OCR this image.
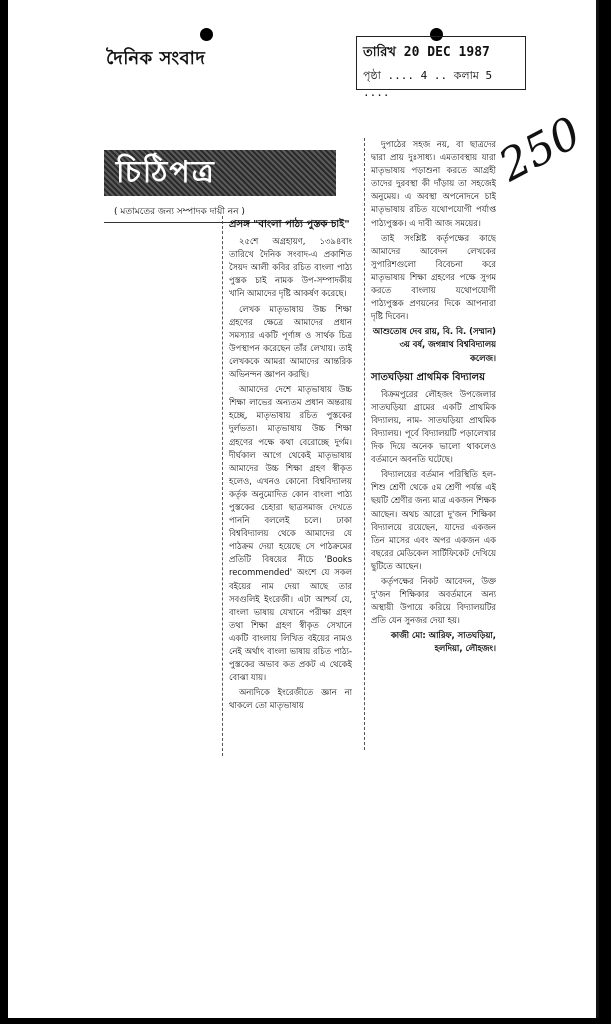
দৈনিক সংবাদ	তারিখ 20 DEC 1987
পৃষ্ঠা .... 4 .. কলাম 5 ....
250
চিঠিপত্র
( মতামতের জন্য সম্পাদক দায়ী নন )
প্রসঙ্গ "বাংলা পাঠ্য পুস্তক চাই"

২৫শে অগ্রহায়ণ, ১৩৯৪বাং তারিখে দৈনিক সংবাদ-এ প্রকাশিত সৈয়দ আলী কবির রচিত বাংলা পাঠ্য পুস্তক চাই নামক উপ-সম্পাদকীয় খানি আমাদের দৃষ্টি আকর্ষণ করেছে।

লেখক মাতৃভাষায় উচ্চ শিক্ষা গ্রহণের ক্ষেত্রে আমাদের প্রধান সমস্যার একটি পূর্ণাঙ্গ ও সার্থক চিত্র উপস্থাপন করেছেন তাঁর লেখায়। তাই লেখককে আমরা আমাদের আন্তরিক অভিনন্দন জ্ঞাপন করছি।

আমাদের দেশে মাতৃভাষায় উচ্চ শিক্ষা লাভের অন্যতম প্রধান অন্তরায় হচ্ছে, মাতৃভাষায় রচিত পুস্তকের দুর্লভতা। মাতৃভাষায় উচ্চ শিক্ষা গ্রহণের পক্ষে কথা বেরোচ্ছে দুর্গম। দীর্ঘকাল আগে থেকেই মাতৃভাষায় আমাদের উচ্চ শিক্ষা গ্রহণ স্বীকৃত হলেও, এখনও কোনো বিশ্ববিদ্যালয় কর্তৃক অনুমোদিত কোন বাংলা পাঠ্য পুস্তকের চেহারা ছাত্রসমাজ দেখতে পাননি বললেই চলে। ঢাকা বিশ্ববিদ্যালয় থেকে আমাদের যে পাঠক্রম দেয়া হয়েছে সে পাঠক্রমের প্রতিটি বিষয়ের নীচে 'Books recommended' অংশে যে সকল বইয়ের নাম দেয়া আছে তার সবগুলিই ইংরেজী। এটা আশ্চর্য যে, বাংলা ভাষায় যেখানে পরীক্ষা গ্রহণ তথা শিক্ষা গ্রহণ স্বীকৃত সেখানে একটি বাংলায় লিখিত বইয়ের নামও নেই অর্থাৎ বাংলা ভাষায় রচিত পাঠ্য-পুস্তকের অভাব কত প্রকট এ থেকেই বোঝা যায়।

অন্যদিকে ইংরেজীতে জ্ঞান না থাকলে তো মাতৃভাষায়

দুপাঠের সহজ নয়, বা ছাত্রদের দ্বারা প্রায় দুঃসাধ্য। এমতাবস্থায় যারা মাতৃভাষায় পড়াশুনা করতে আগ্রহী তাদের দুরবস্থা কী দাঁড়ায় তা সহজেই অনুমেয়। এ অবস্থা অপনোদনে চাই মাতৃভাষায় রচিত যথোপযোগী পর্যাপ্ত পাঠ্যপুস্তক। এ দাবী আজ সময়ের।

তাই সংশ্লিষ্ট কর্তৃপক্ষের কাছে আমাদের আবেদন লেখকের সুপারিশগুলো বিবেচনা করে মাতৃভাষায় শিক্ষা গ্রহণের পক্ষে সুগম করতে বাংলায় যথোপযোগী পাঠ্যপুস্তক প্রণয়নের দিকে আপনারা দৃষ্টি দিবেন।

আশুতোষ দেব রায়, বি. বি. (সম্মান) ৩য় বর্ষ, জগন্নাথ বিশ্ববিদ্যালয় কলেজ।
সাতঘড়িয়া প্রাথমিক বিদ্যালয়

বিক্রমপুরের লৌহজং উপজেলার সাতঘড়িয়া গ্রামের একটি প্রাথমিক বিদ্যালয়, নাম- সাতঘড়িয়া প্রাথমিক বিদ্যালয়। পূর্বে বিদ্যালয়টি পড়ালেখার দিক দিয়ে অনেক ভালো থাকলেও বর্তমানে অবনতি ঘটেছে।

বিদ্যালয়ের বর্তমান পরিস্থিতি হল- শিশু শ্রেণী থেকে ৫ম শ্রেণী পর্যন্ত এই ছয়টি শ্রেণীর জন্য মাত্র একজন শিক্ষক আছেন। অথচ আরো দু'জন শিক্ষিকা বিদ্যালয়ে রয়েছেন, যাদের একজন তিন মাসের এবং অপর একজন এক বছরের মেডিকেল সার্টিফিকেট দেখিয়ে ছুটিতে আছেন।

কর্তৃপক্ষের নিকট আবেদন, উক্ত দু'জন শিক্ষিকার অবর্তমানে অন্য অস্থায়ী উপায়ে করিয়ে বিদ্যালয়টির প্রতি যেন সুনজর দেয়া হয়।

কাজী মো: আরিফ, সাতঘড়িয়া, হলদিয়া, লৌহজং।
